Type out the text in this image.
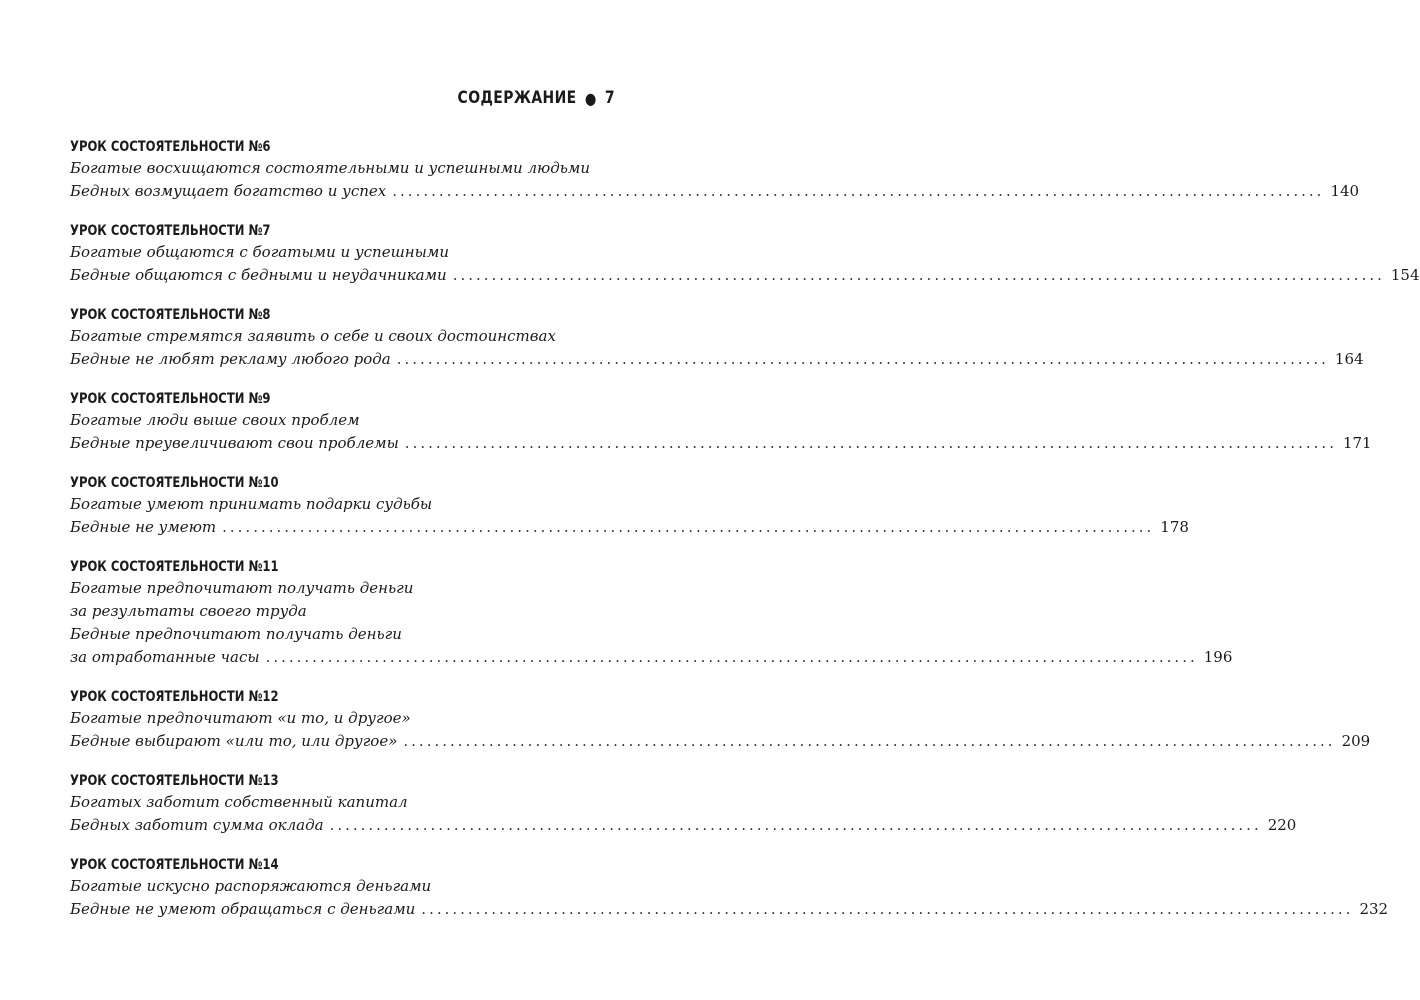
СОДЕРЖАНИЕ ● 7
УРОК СОСТОЯТЕЛЬНОСТИ №6
Богатые восхищаются состоятельными и успешными людьми
Бедных возмущает богатство и успех ........................................................................................................................ 140
УРОК СОСТОЯТЕЛЬНОСТИ №7
Богатые общаются с богатыми и успешными
Бедные общаются с бедными и неудачниками ........................................................................................................................ 154
УРОК СОСТОЯТЕЛЬНОСТИ №8
Богатые стремятся заявить о себе и своих достоинствах
Бедные не любят рекламу любого рода ........................................................................................................................ 164
УРОК СОСТОЯТЕЛЬНОСТИ №9
Богатые люди выше своих проблем
Бедные преувеличивают свои проблемы ........................................................................................................................ 171
УРОК СОСТОЯТЕЛЬНОСТИ №10
Богатые умеют принимать подарки судьбы
Бедные не умеют ........................................................................................................................ 178
УРОК СОСТОЯТЕЛЬНОСТИ №11
Богатые предпочитают получать деньги
за результаты своего труда
Бедные предпочитают получать деньги
за отработанные часы ........................................................................................................................ 196
УРОК СОСТОЯТЕЛЬНОСТИ №12
Богатые предпочитают «и то, и другое»
Бедные выбирают «или то, или другое» ........................................................................................................................ 209
УРОК СОСТОЯТЕЛЬНОСТИ №13
Богатых заботит собственный капитал
Бедных заботит сумма оклада ........................................................................................................................ 220
УРОК СОСТОЯТЕЛЬНОСТИ №14
Богатые искусно распоряжаются деньгами
Бедные не умеют обращаться с деньгами ........................................................................................................................ 232
